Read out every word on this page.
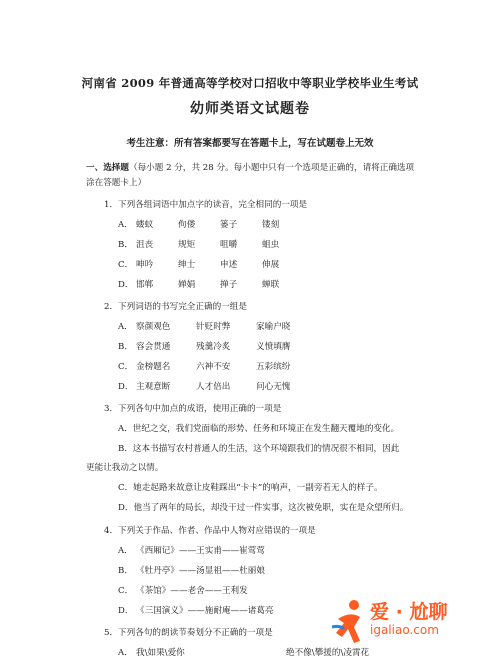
河南省 2009 年普通高等学校对口招收中等职业学校毕业生考试
幼师类语文试题卷
考生注意：所有答案都要写在答题卡上，写在试题卷上无效
一、选择题（每小题 2 分，共 28 分。每小题中只有一个选项是正确的，请将正确选项涂在答题卡上）
1．下列各组词语中加点字的读音，完全相同的一项是
A． 蝼蚁	佝偻	篓子	镂刻
B． 沮丧	规矩	咀嚼	蛆虫
C． 呻吟	绅士	申述	伸展
D． 邯郸	婵娟	掸子	蝉联
2．下列词语的书写完全正确的一组是
A． 察颜观色	针贬时弊	家喻户晓
B． 容会贯通	残羹冷炙	义愤填膺
C． 金榜题名	六神不安	五彩缤纷
D． 主观意断	人才倍出	问心无愧
3．下列各句中加点的成语，使用正确的一项是
A．世纪之交，我们党面临的形势、任务和环境正在发生翻天覆地的变化。
B．这本书描写农村普通人的生活，这个环境跟我们的情况很不相同，因此
更能让我动之以情。
C．她走起路来故意让皮鞋踩出“卡卡”的响声，一副旁若无人的样子。
D．他当了两年的局长，却没干过一件实事，这次被免职，实在是众望所归。
4．下列关于作品、作者、作品中人物对应错误的一项是
A． 《西厢记》——王实甫——崔莺莺
B． 《牡丹亭》——汤显祖——杜丽娘
C． 《茶馆》——老舍——王利发
D． 《三国演义》——施耐庵——诸葛亮
5．下列各句的朗读节奏划分不正确的一项是
A． 我\如果\爱你	绝不像\攀援的\凌霄花
爱 · 尬聊
igaliao.com
